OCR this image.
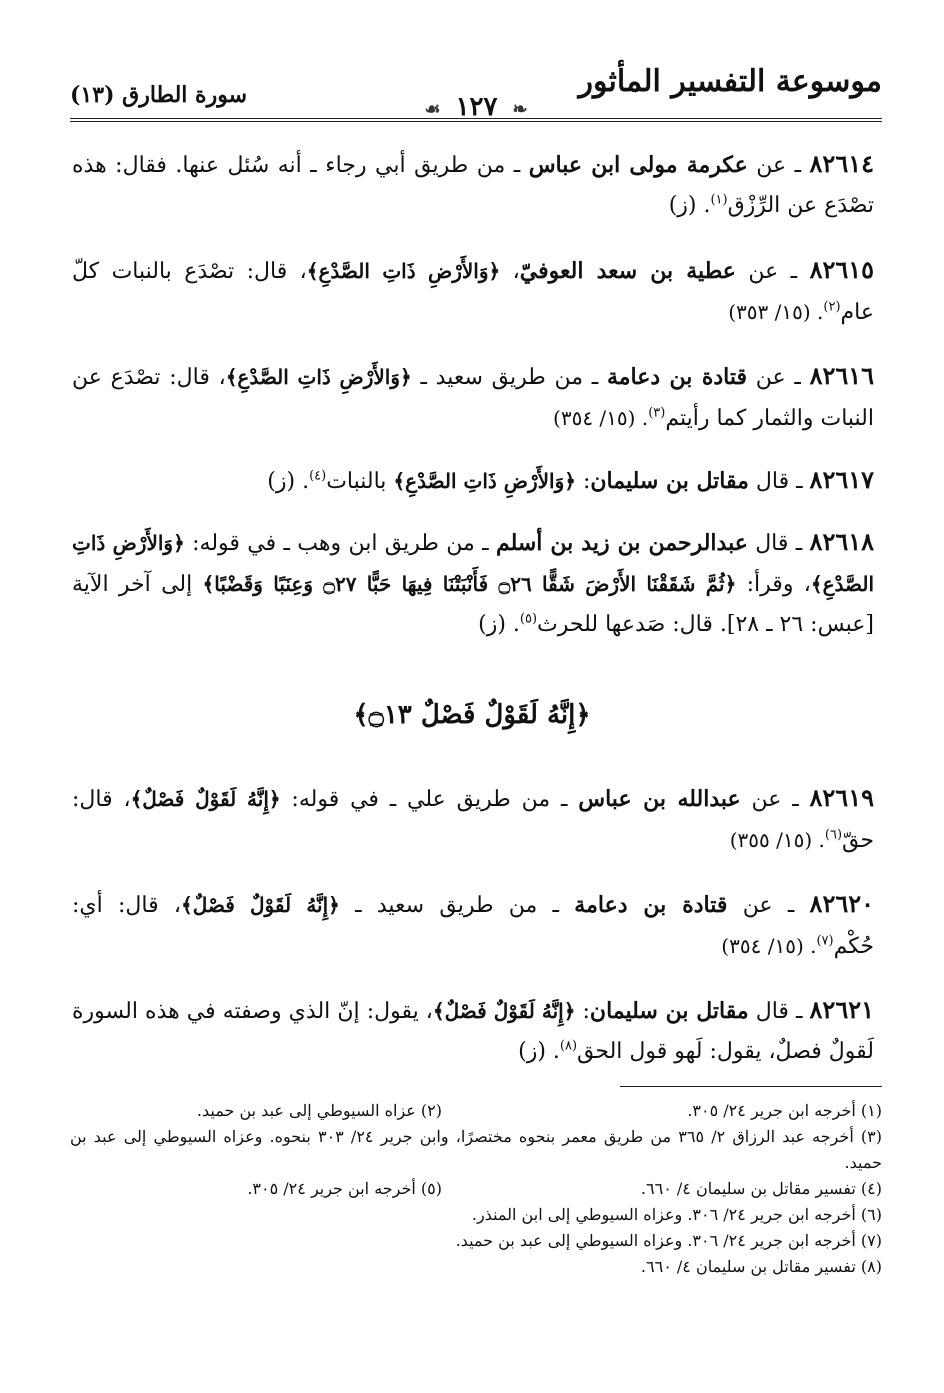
موسوعة التفسير المأثور
❧ ١٢٧ ☙
سورة الطارق (١٣)
٨٢٦١٤ ـ عن عكرمة مولى ابن عباس ـ من طريق أبي رجاء ـ أنه سُئل عنها. فقال: هذه تصْدَع عن الرِّزْق$^{(١)}$. (ز)
٨٢٦١٥ ـ عن عطية بن سعد العوفيّ، ﴿وَالأَرْضِ ذَاتِ الصَّدْعِ﴾، قال: تصْدَع بالنبات كلّ عام$^{(٢)}$. (١٥/ ٣٥٣)
٨٢٦١٦ ـ عن قتادة بن دعامة ـ من طريق سعيد ـ ﴿وَالأَرْضِ ذَاتِ الصَّدْعِ﴾، قال: تصْدَع عن النبات والثمار كما رأيتم$^{(٣)}$. (١٥/ ٣٥٤)
٨٢٦١٧ ـ قال مقاتل بن سليمان: ﴿وَالأَرْضِ ذَاتِ الصَّدْعِ﴾ بالنبات$^{(٤)}$. (ز)
٨٢٦١٨ ـ قال عبدالرحمن بن زيد بن أسلم ـ من طريق ابن وهب ـ في قوله: ﴿وَالأَرْضِ ذَاتِ الصَّدْعِ﴾، وقرأ: ﴿ثُمَّ شَقَقْنَا الأَرْضَ شَقًّا ۝٢٦ فَأَنْبَتْنَا فِيهَا حَبًّا ۝٢٧ وَعِنَبًا وَقَضْبًا﴾ إلى آخر الآية [عبس: ٢٦ ـ ٢٨]. قال: صَدعها للحرث$^{(٥)}$. (ز)
﴿إِنَّهُ لَقَوْلٌ فَصْلٌ ۝١٣﴾
٨٢٦١٩ ـ عن عبدالله بن عباس ـ من طريق علي ـ في قوله: ﴿إِنَّهُ لَقَوْلٌ فَصْلٌ﴾، قال: حقّ$^{(٦)}$. (١٥/ ٣٥٥)
٨٢٦٢٠ ـ عن قتادة بن دعامة ـ من طريق سعيد ـ ﴿إِنَّهُ لَقَوْلٌ فَصْلٌ﴾، قال: أي: حُكْم$^{(٧)}$. (١٥/ ٣٥٤)
٨٢٦٢١ ـ قال مقاتل بن سليمان: ﴿إِنَّهُ لَقَوْلٌ فَصْلٌ﴾، يقول: إنّ الذي وصفته في هذه السورة لَقولٌ فصلٌ، يقول: لَهو قول الحق$^{(٨)}$. (ز)
(١) أخرجه ابن جرير ٢٤/ ٣٠٥.
(٢) عزاه السيوطي إلى عبد بن حميد.
(٣) أخرجه عبد الرزاق ٢/ ٣٦٥ من طريق معمر بنحوه مختصرًا، وابن جرير ٢٤/ ٣٠٣ بنحوه. وعزاه السيوطي إلى عبد بن حميد.
(٤) تفسير مقاتل بن سليمان ٤/ ٦٦٠.
(٥) أخرجه ابن جرير ٢٤/ ٣٠٥.
(٦) أخرجه ابن جرير ٢٤/ ٣٠٦. وعزاه السيوطي إلى ابن المنذر.
(٧) أخرجه ابن جرير ٢٤/ ٣٠٦. وعزاه السيوطي إلى عبد بن حميد.
(٨) تفسير مقاتل بن سليمان ٤/ ٦٦٠.
